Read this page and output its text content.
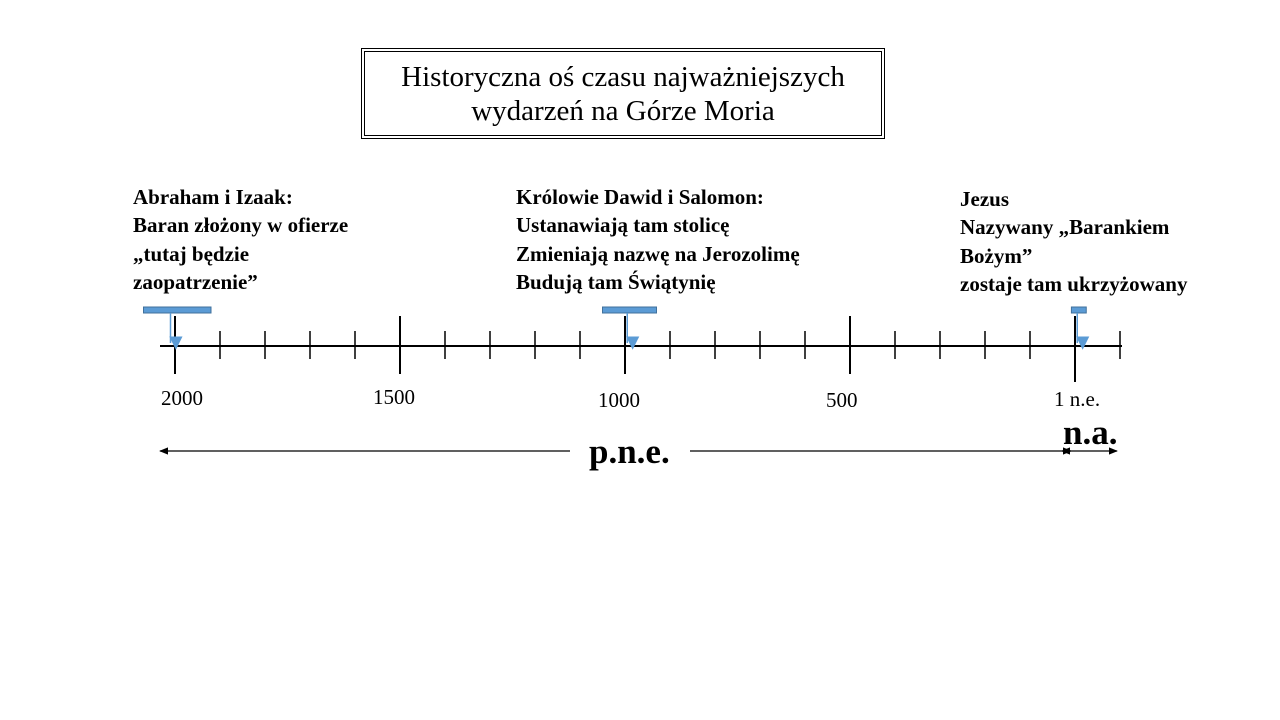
Historyczna oś czasu najważniejszych
wydarzeń na Górze Moria
Abraham i Izaak:
Baran złożony w ofierze
„tutaj będzie
zaopatrzenie”
Królowie Dawid i Salomon:
Ustanawiają tam stolicę
Zmieniają nazwę na Jerozolimę
Budują tam Świątynię
Jezus
Nazywany „Barankiem
Bożym”
zostaje tam ukrzyżowany
2000	1500	1000	500	1 n.e.
p.n.e.	n.a.
